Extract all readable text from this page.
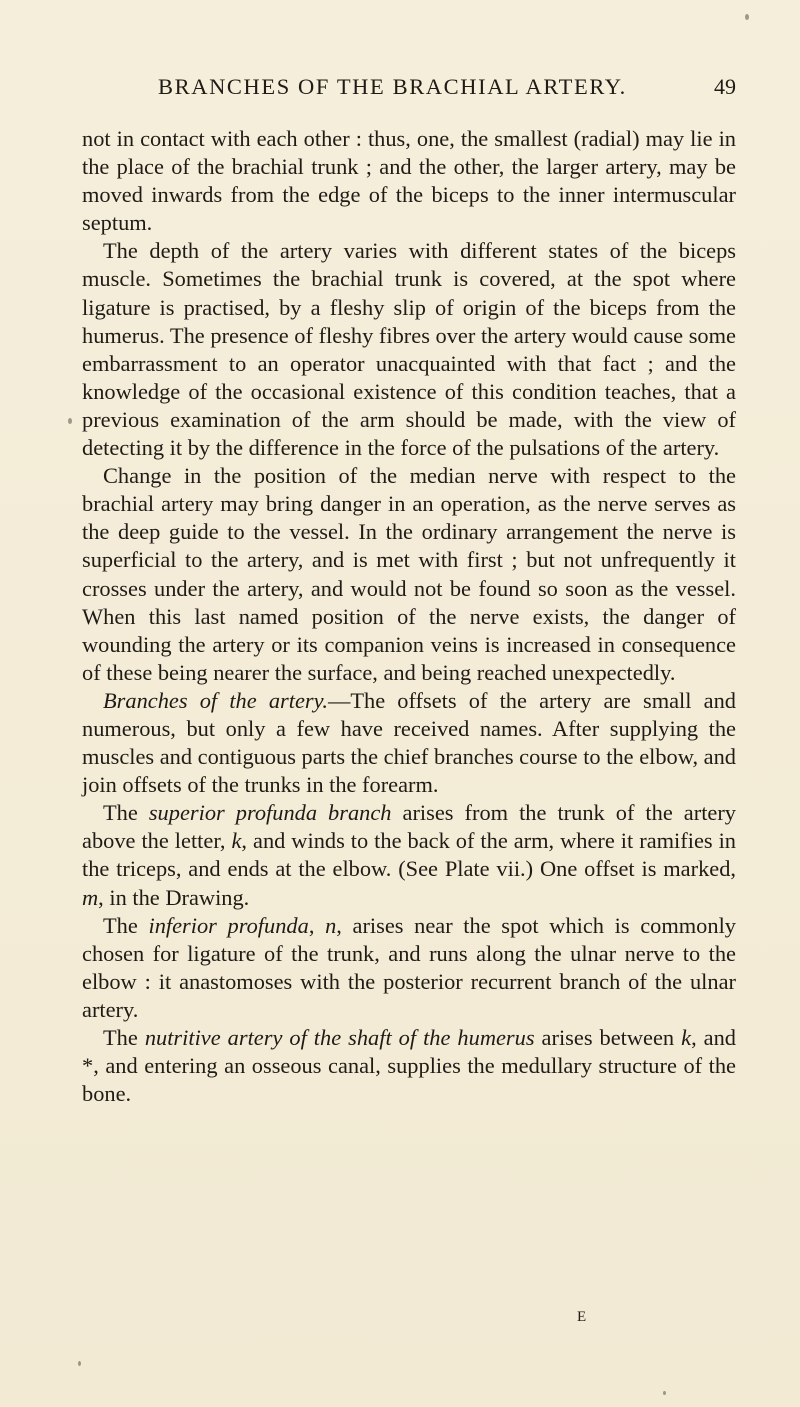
BRANCHES OF THE BRACHIAL ARTERY.	49

not in contact with each other : thus, one, the smallest (radial) may lie in the place of the brachial trunk ; and the other, the larger artery, may be moved inwards from the edge of the biceps to the inner intermuscular septum.

The depth of the artery varies with different states of the biceps muscle. Sometimes the brachial trunk is covered, at the spot where ligature is practised, by a fleshy slip of origin of the biceps from the humerus. The presence of fleshy fibres over the artery would cause some embarrassment to an operator unacquainted with that fact ; and the knowledge of the occasional existence of this condition teaches, that a previous examination of the arm should be made, with the view of detecting it by the difference in the force of the pulsations of the artery.

Change in the position of the median nerve with respect to the brachial artery may bring danger in an operation, as the nerve serves as the deep guide to the vessel. In the ordinary arrangement the nerve is superficial to the artery, and is met with first ; but not unfrequently it crosses under the artery, and would not be found so soon as the vessel. When this last named position of the nerve exists, the danger of wounding the artery or its companion veins is increased in consequence of these being nearer the surface, and being reached unexpectedly.

Branches of the artery.—The offsets of the artery are small and numerous, but only a few have received names. After supplying the muscles and contiguous parts the chief branches course to the elbow, and join offsets of the trunks in the forearm.

The superior profunda branch arises from the trunk of the artery above the letter, k, and winds to the back of the arm, where it ramifies in the triceps, and ends at the elbow. (See Plate vii.) One offset is marked, m, in the Drawing.

The inferior profunda, n, arises near the spot which is commonly chosen for ligature of the trunk, and runs along the ulnar nerve to the elbow : it anastomoses with the posterior recurrent branch of the ulnar artery.

The nutritive artery of the shaft of the humerus arises between k, and *, and entering an osseous canal, supplies the medullary structure of the bone.

E
